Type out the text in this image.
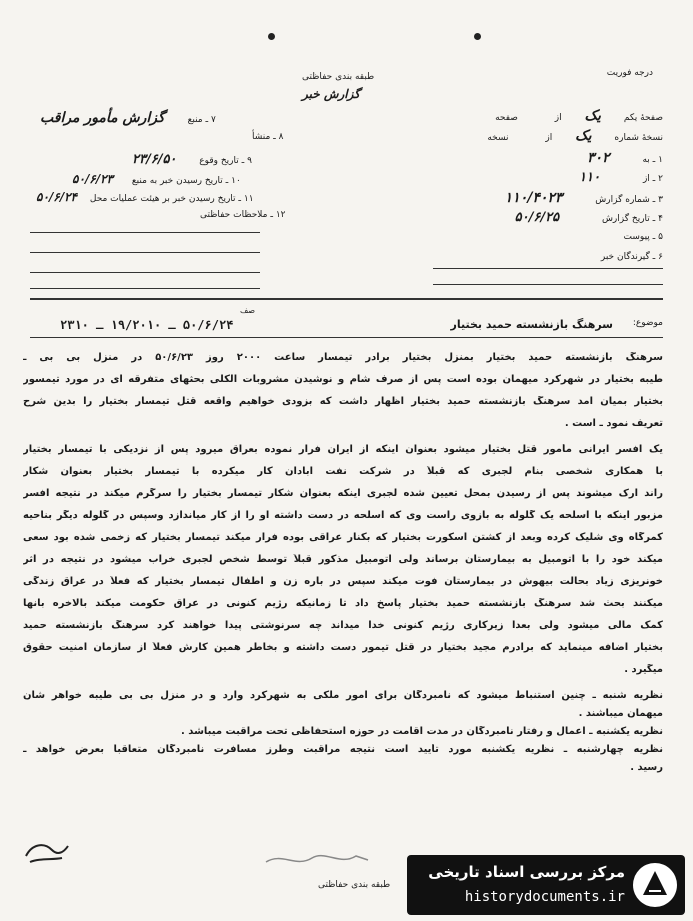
طبقه بندی حفاظتی
گزارش خبر
درجه فوریت
صفحهٔ یکم یک از صفحه
نسخهٔ شماره یک از نسخه
۱ ـ به ۳۰۲
۲ ـ از ۱۱۰
۳ ـ شماره گزارش ۱۱۰/۴۰۲۳
۴ ـ تاریخ گزارش ۵۰/۶/۲۵
۵ ـ پیوست
۶ ـ گیرندگان خبر
۷ ـ منبع گزارش مأمور مراقب
۸ ـ منشأ
۹ ـ تاریخ وقوع ۲۳/۶/۵۰
۱۰ ـ تاریخ رسیدن خبر به منبع ۵۰/۶/۲۳
۱۱ ـ تاریخ رسیدن خبر بر هیئت عملیات محل ۵۰/۶/۲۴
۱۲ ـ ملاحظات حفاظتی
صف
۵۰/۶/۲۴ ـ ۱۹/۲۰۱۰ ـ ۲۳۱۰	موضوع:
سرهنگ بازنشسته حمید بختیار
سرهنگ بازنشسته حمید بختیار بمنزل بختیار برادر تیمسار ساعت ۲۰۰۰ روز ۵۰/۶/۲۳ در منزل بی بی ـ
طیبه بختیار در شهرکرد میهمان بوده است پس از صرف شام و نوشیدن مشروبات الکلی بحثهای متفرقه ای در مورد تیمسور
بختیار بمیان آمد سرهنگ بازنشسته حمید بختیار اظهار داشت که بزودی خواهیم واقعه قتل تیمسار بختیار را بدین شرح
تعریف نمود ـ است .
یک افسر ایرانی مأمور قتل بختیار میشود بعنوان اینکه از ایران فرار نموده بعراق میرود پس از نزدیکی با تیمسار بختیار
با همکاری شخصی بنام لجبری که قبلاً در شرکت نفت آبادان کار میکرده با تیمسار بختیار بعنوان شکار
راند ارک میشوند پس از رسیدن بمحل تعیین شده لجبری اینکه بعنوان شکار تیمسار بختیار را سرگرم میکند در نتیجه افسر
مزبور اینکه با اسلحه یک گلوله به بازوی راست وی که اسلحه در دست داشته او را از کار میاندازد وسپس در گلوله دیگر بناحیه
کمرگاه وی شلیک کرده وبعد از کشتن اسکورت بختیار که بکنار عراقی بوده فرار میکند تیمسار بختیار که زخمی شده بود سعی
میکند خود را با اتومبیل به بیمارستان برساند ولی اتومبیل مذکور قبلاً توسط شخص لجبری خراب میشود در نتیجه در اثر
خونریزی زیاد بحالت بیهوش در بیمارستان فوت میکند سپس در باره زن و اطفال تیمسار بختیار که فعلاً در عراق زندگی
میکنند بحث شد سرهنگ بازنشسته حمید بختیار پاسخ داد تا زمانیکه رژیم کنونی در عراق حکومت میکند بالاخره بآنها
کمک مالی میشود ولی بعداً زیرکاری رژیم کنونی خدا میداند چه سرنوشتی پیدا خواهند کرد سرهنگ بازنشسته حمید
بختیار اضافه مینماید که برادرم مجید بختیار در قتل تیمور دست داشته و بخاطر همین کارش فعلاً از سازمان امنیت حقوق
میگیرد .
نظریه شنبه ـ چنین استنباط میشود که نامبردگان برای امور ملکی به شهرکرد وارد و در منزل بی بی طیبه خواهر شان
میهمان میباشند .
نظریه یکشنبه ـ اعمال و رفتار نامبردگان در مدت اقامت در حوزه استحفاظی تحت مراقبت میباشد .
نظریه چهارشنبه ـ نظریه یکشنبه مورد تأیید است نتیجه مراقبت وطرز مسافرت نامبردگان متعاقباً بعرض خواهد ـ
رسید .
طبقه بندی حفاظتی
مرکز بررسی اسناد تاریخی
historydocuments.ir
